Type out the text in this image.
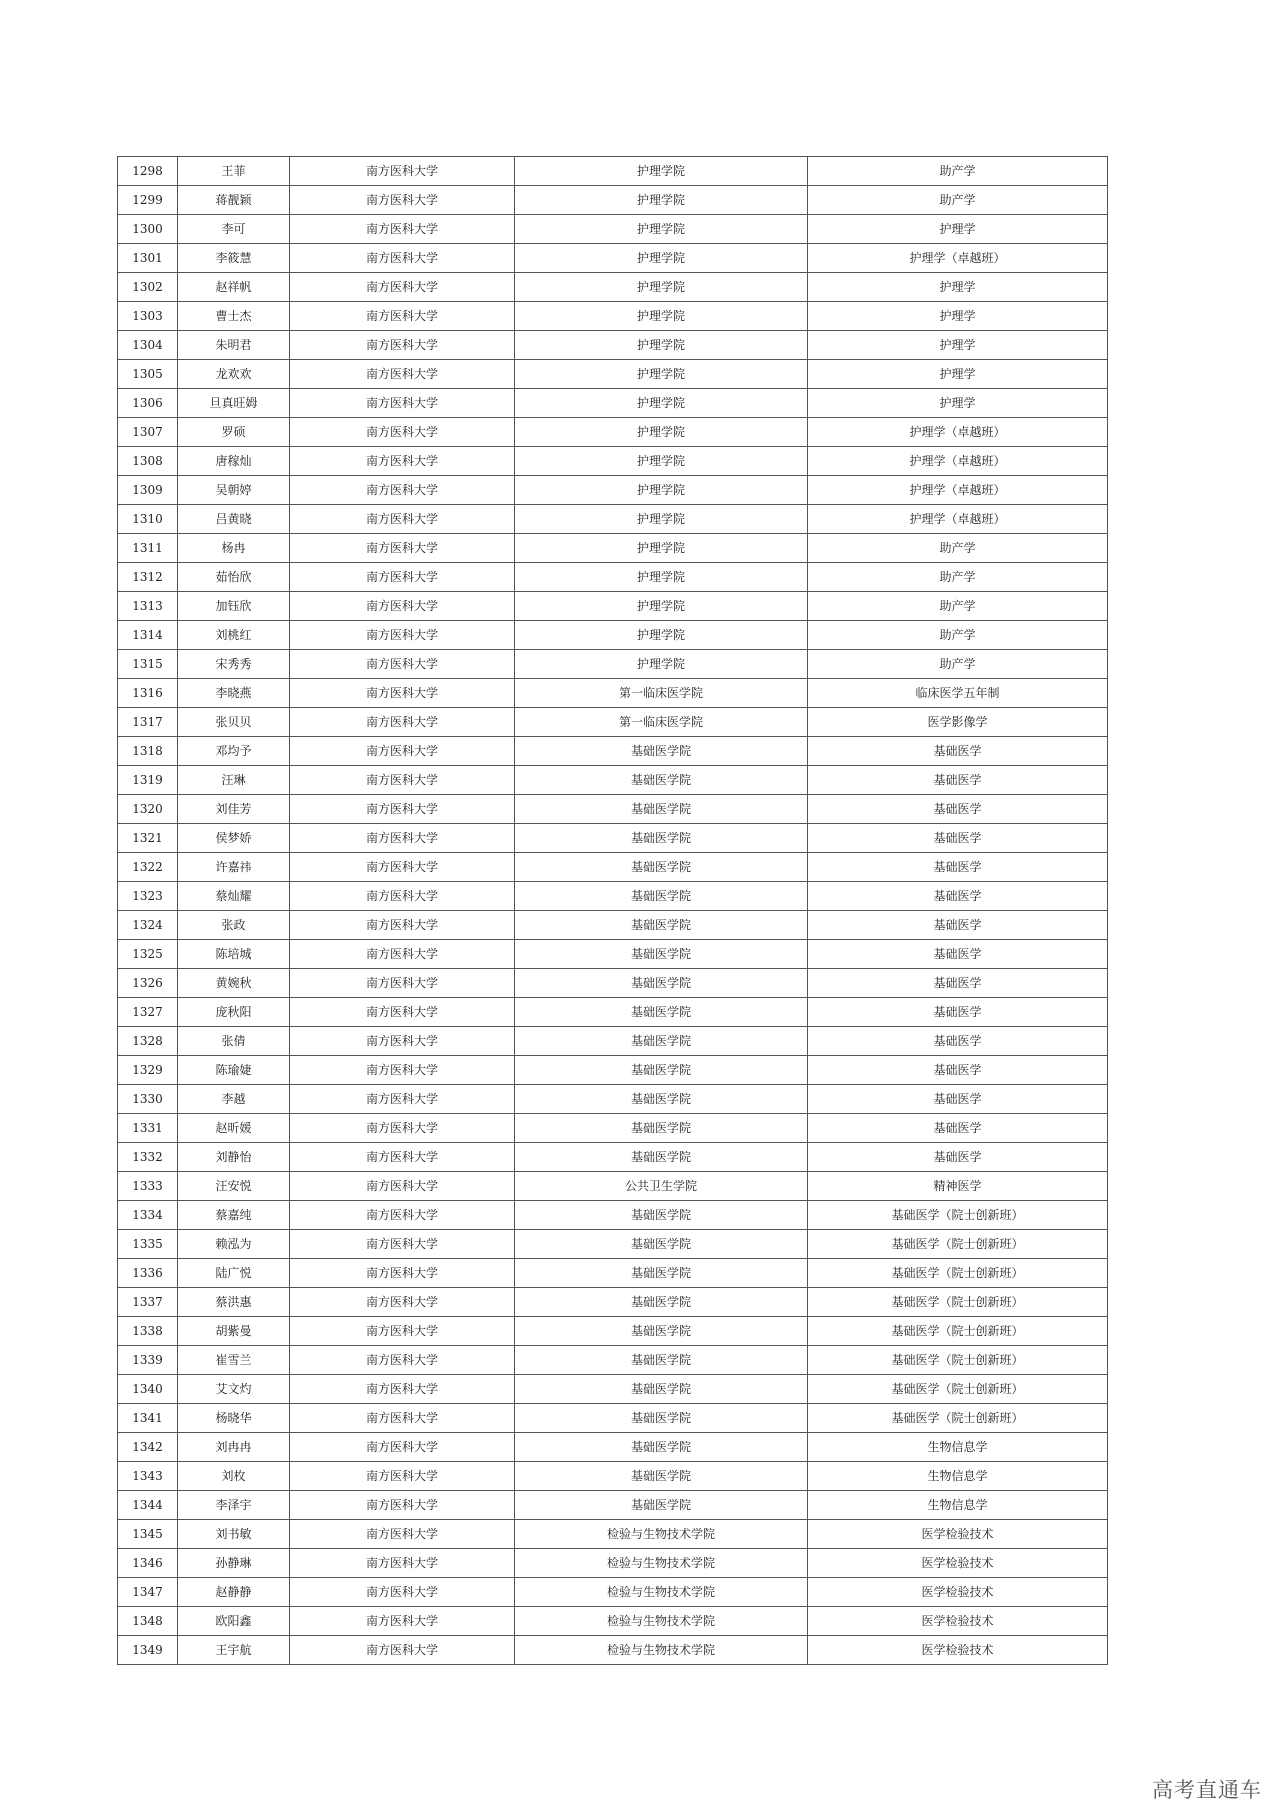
1298	王菲	南方医科大学	护理学院	助产学
1299	蒋靓颖	南方医科大学	护理学院	助产学
1300	李可	南方医科大学	护理学院	护理学
1301	李筱慧	南方医科大学	护理学院	护理学（卓越班）
1302	赵祥帆	南方医科大学	护理学院	护理学
1303	曹士杰	南方医科大学	护理学院	护理学
1304	朱明君	南方医科大学	护理学院	护理学
1305	龙欢欢	南方医科大学	护理学院	护理学
1306	旦真旺姆	南方医科大学	护理学院	护理学
1307	罗硕	南方医科大学	护理学院	护理学（卓越班）
1308	唐稼灿	南方医科大学	护理学院	护理学（卓越班）
1309	吴朝婷	南方医科大学	护理学院	护理学（卓越班）
1310	吕黄晓	南方医科大学	护理学院	护理学（卓越班）
1311	杨冉	南方医科大学	护理学院	助产学
1312	茹怡欣	南方医科大学	护理学院	助产学
1313	加钰欣	南方医科大学	护理学院	助产学
1314	刘桃红	南方医科大学	护理学院	助产学
1315	宋秀秀	南方医科大学	护理学院	助产学
1316	李晓燕	南方医科大学	第一临床医学院	临床医学五年制
1317	张贝贝	南方医科大学	第一临床医学院	医学影像学
1318	邓均予	南方医科大学	基础医学院	基础医学
1319	汪琳	南方医科大学	基础医学院	基础医学
1320	刘佳芳	南方医科大学	基础医学院	基础医学
1321	侯梦娇	南方医科大学	基础医学院	基础医学
1322	许嘉祎	南方医科大学	基础医学院	基础医学
1323	蔡灿耀	南方医科大学	基础医学院	基础医学
1324	张政	南方医科大学	基础医学院	基础医学
1325	陈培城	南方医科大学	基础医学院	基础医学
1326	黄婉秋	南方医科大学	基础医学院	基础医学
1327	庞秋阳	南方医科大学	基础医学院	基础医学
1328	张倩	南方医科大学	基础医学院	基础医学
1329	陈瑜婕	南方医科大学	基础医学院	基础医学
1330	李越	南方医科大学	基础医学院	基础医学
1331	赵昕媛	南方医科大学	基础医学院	基础医学
1332	刘静怡	南方医科大学	基础医学院	基础医学
1333	汪安悦	南方医科大学	公共卫生学院	精神医学
1334	蔡嘉纯	南方医科大学	基础医学院	基础医学（院士创新班）
1335	赖泓为	南方医科大学	基础医学院	基础医学（院士创新班）
1336	陆广悦	南方医科大学	基础医学院	基础医学（院士创新班）
1337	蔡洪惠	南方医科大学	基础医学院	基础医学（院士创新班）
1338	胡紫曼	南方医科大学	基础医学院	基础医学（院士创新班）
1339	崔雪兰	南方医科大学	基础医学院	基础医学（院士创新班）
1340	艾文灼	南方医科大学	基础医学院	基础医学（院士创新班）
1341	杨晓华	南方医科大学	基础医学院	基础医学（院士创新班）
1342	刘冉冉	南方医科大学	基础医学院	生物信息学
1343	刘枚	南方医科大学	基础医学院	生物信息学
1344	李泽宇	南方医科大学	基础医学院	生物信息学
1345	刘书敏	南方医科大学	检验与生物技术学院	医学检验技术
1346	孙静琳	南方医科大学	检验与生物技术学院	医学检验技术
1347	赵静静	南方医科大学	检验与生物技术学院	医学检验技术
1348	欧阳鑫	南方医科大学	检验与生物技术学院	医学检验技术
1349	王宇航	南方医科大学	检验与生物技术学院	医学检验技术
高考直通车
